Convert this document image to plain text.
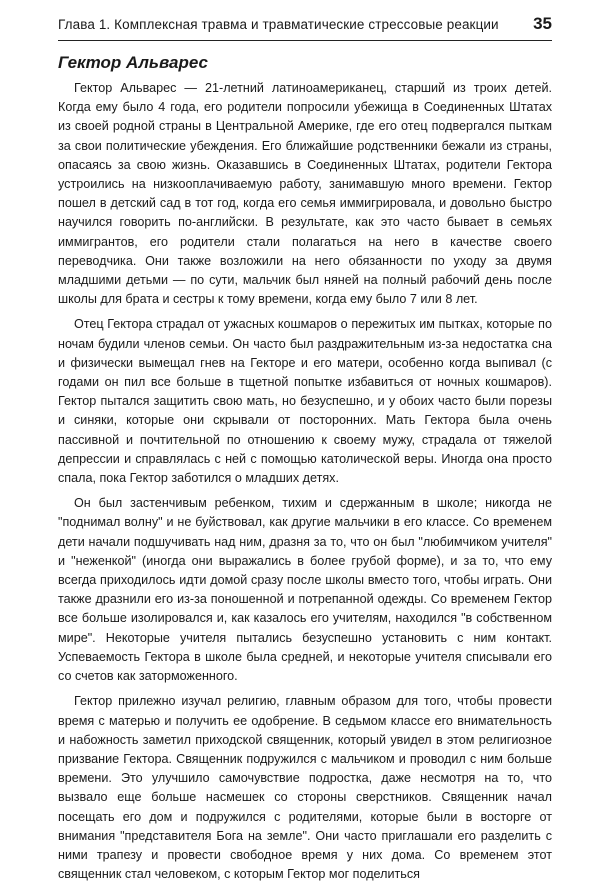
Глава 1. Комплексная травма и травматические стрессовые реакции 35
Гектор Альварес

Гектор Альварес — 21-летний латиноамериканец, старший из троих детей. Когда ему было 4 года, его родители попросили убежища в Соединенных Штатах из своей родной страны в Центральной Америке, где его отец подвергался пыткам за свои политические убеждения. Его ближайшие родственники бежали из страны, опасаясь за свою жизнь. Оказавшись в Соединенных Штатах, родители Гектора устроились на низкооплачиваемую работу, занимавшую много времени. Гектор пошел в детский сад в тот год, когда его семья иммигрировала, и довольно быстро научился говорить по-английски. В результате, как это часто бывает в семьях иммигрантов, его родители стали полагаться на него в качестве своего переводчика. Они также возложили на него обязанности по уходу за двумя младшими детьми — по сути, мальчик был няней на полный рабочий день после школы для брата и сестры к тому времени, когда ему было 7 или 8 лет.

Отец Гектора страдал от ужасных кошмаров о пережитых им пытках, которые по ночам будили членов семьи. Он часто был раздражительным из-за недостатка сна и физически вымещал гнев на Гекторе и его матери, особенно когда выпивал (с годами он пил все больше в тщетной попытке избавиться от ночных кошмаров). Гектор пытался защитить свою мать, но безуспешно, и у обоих часто были порезы и синяки, которые они скрывали от посторонних. Мать Гектора была очень пассивной и почтительной по отношению к своему мужу, страдала от тяжелой депрессии и справлялась с ней с помощью католической веры. Иногда она просто спала, пока Гектор заботился о младших детях.

Он был застенчивым ребенком, тихим и сдержанным в школе; никогда не "поднимал волну" и не буйствовал, как другие мальчики в его классе. Со временем дети начали подшучивать над ним, дразня за то, что он был "любимчиком учителя" и "неженкой" (иногда они выражались в более грубой форме), и за то, что ему всегда приходилось идти домой сразу после школы вместо того, чтобы играть. Они также дразнили его из-за поношенной и потрепанной одежды. Со временем Гектор все больше изолировался и, как казалось его учителям, находился "в собственном мире". Некоторые учителя пытались безуспешно установить с ним контакт. Успеваемость Гектора в школе была средней, и некоторые учителя списывали его со счетов как заторможенного.

Гектор прилежно изучал религию, главным образом для того, чтобы провести время с матерью и получить ее одобрение. В седьмом классе его внимательность и набожность заметил приходской священник, который увидел в этом религиозное призвание Гектора. Священник подружился с мальчиком и проводил с ним больше времени. Это улучшило самочувствие подростка, даже несмотря на то, что вызвало еще больше насмешек со стороны сверстников. Священник начал посещать его дом и подружился с родителями, которые были в восторге от внимания "представителя Бога на земле". Они часто приглашали его разделить с ними трапезу и провести свободное время у них дома. Со временем этот священник стал человеком, с которым Гектор мог поделиться
